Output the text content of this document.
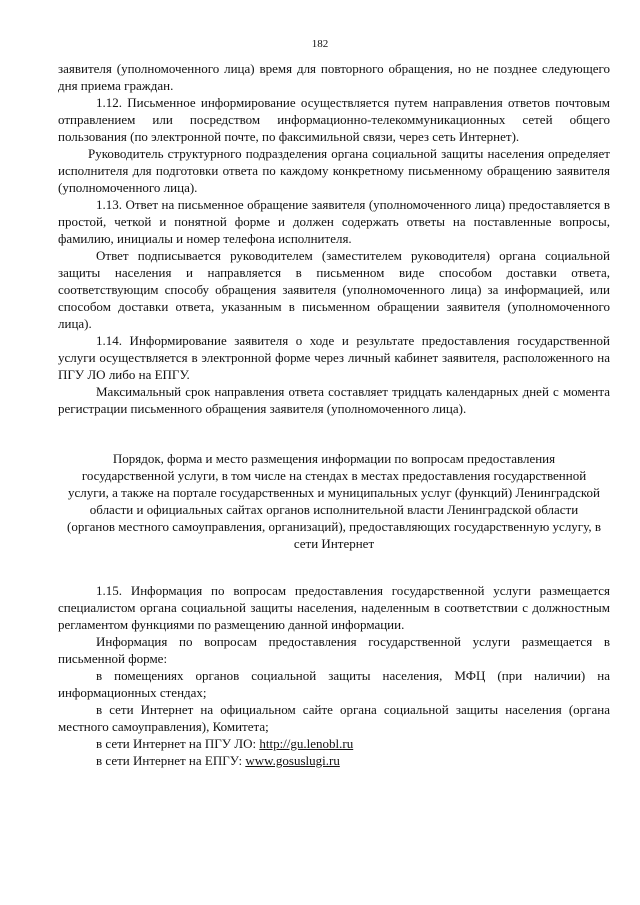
182

заявителя (уполномоченного лица) время для повторного обращения, но не позднее следующего дня приема граждан.

1.12. Письменное информирование осуществляется путем направления ответов почтовым отправлением или посредством информационно-телекоммуникационных сетей общего пользования (по электронной почте, по факсимильной связи, через сеть Интернет).

Руководитель структурного подразделения органа социальной защиты населения определяет исполнителя для подготовки ответа по каждому конкретному письменному обращению заявителя (уполномоченного лица).

1.13. Ответ на письменное обращение заявителя (уполномоченного лица) предоставляется в простой, четкой и понятной форме и должен содержать ответы на поставленные вопросы, фамилию, инициалы и номер телефона исполнителя.

Ответ подписывается руководителем (заместителем руководителя) органа социальной защиты населения и направляется в письменном виде способом доставки ответа, соответствующим способу обращения заявителя (уполномоченного лица) за информацией, или способом доставки ответа, указанным в письменном обращении заявителя (уполномоченного лица).

1.14. Информирование заявителя о ходе и результате предоставления государственной услуги осуществляется в электронной форме через личный кабинет заявителя, расположенного на ПГУ ЛО либо на ЕПГУ.

Максимальный срок направления ответа составляет тридцать календарных дней с момента регистрации письменного обращения заявителя (уполномоченного лица).

Порядок, форма и место размещения информации по вопросам предоставления государственной услуги, в том числе на стендах в местах предоставления государственной услуги, а также на портале государственных и муниципальных услуг (функций) Ленинградской области и официальных сайтах органов исполнительной власти Ленинградской области (органов местного самоуправления, организаций), предоставляющих государственную услугу, в сети Интернет

1.15. Информация по вопросам предоставления государственной услуги размещается специалистом органа социальной защиты населения, наделенным в соответствии с должностным регламентом функциями по размещению данной информации.

Информация по вопросам предоставления государственной услуги размещается в письменной форме:

в помещениях органов социальной защиты населения, МФЦ (при наличии) на информационных стендах;

в сети Интернет на официальном сайте органа социальной защиты населения (органа местного самоуправления), Комитета;

в сети Интернет на ПГУ ЛО: http://gu.lenobl.ru

в сети Интернет на ЕПГУ: www.gosuslugi.ru
